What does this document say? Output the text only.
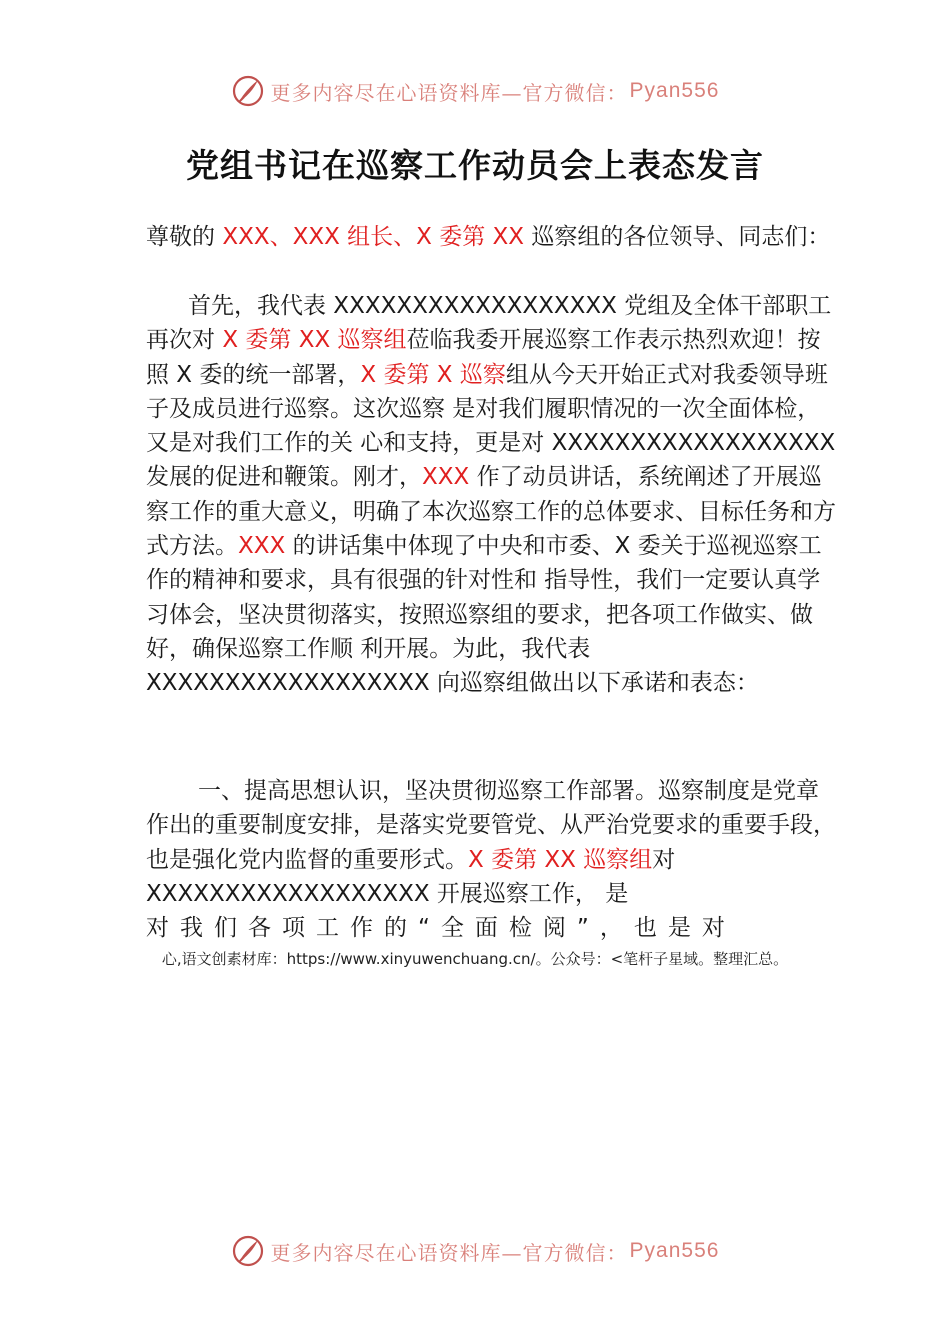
更多内容尽在心语资料库—官方微信： Pyan556
党组书记在巡察工作动员会上表态发言
尊敬的 XXX、XXX 组长、X 委第 XX 巡察组的各位领导、同志们：
首先，我代表 XXXXXXXXXXXXXXXXXX 党组及全体干部职工再次对 X 委第 XX 巡察组莅临我委开展巡察工作表示热烈欢迎！按照 X 委的统一部署，X 委第 X 巡察组从今天开始正式对我委领导班子及成员进行巡察。这次巡察 是对我们履职情况的一次全面体检，又是对我们工作的关 心和支持，更是对 XXXXXXXXXXXXXXXXXX 发展的促进和鞭策。刚才，XXX 作了动员讲话，系统阐述了开展巡察工作的重大意义，明确了本次巡察工作的总体要求、目标任务和方式方法。XXX 的讲话集中体现了中央和市委、X 委关于巡视巡察工作的精神和要求，具有很强的针对性和 指导性，我们一定要认真学习体会，坚决贯彻落实，按照巡察组的要求，把各项工作做实、做好，确保巡察工作顺 利开展。为此，我代表 XXXXXXXXXXXXXXXXXX 向巡察组做出以下承诺和表态：
一、提高思想认识，坚决贯彻巡察工作部署。巡察制度是党章作出的重要制度安排，是落实党要管党、从严治党要求的重要手段，也是强化党内监督的重要形式。X 委第 XX 巡察组对 XXXXXXXXXXXXXXXXXX 开展巡察工作， 是
对我们各项工作的“全面检阅”，也是对
心,语文创素材库：https://www.xinyuwenchuang.cn/。公众号：<笔杆子星域。整理汇总。
更多内容尽在心语资料库—官方微信： Pyan556
